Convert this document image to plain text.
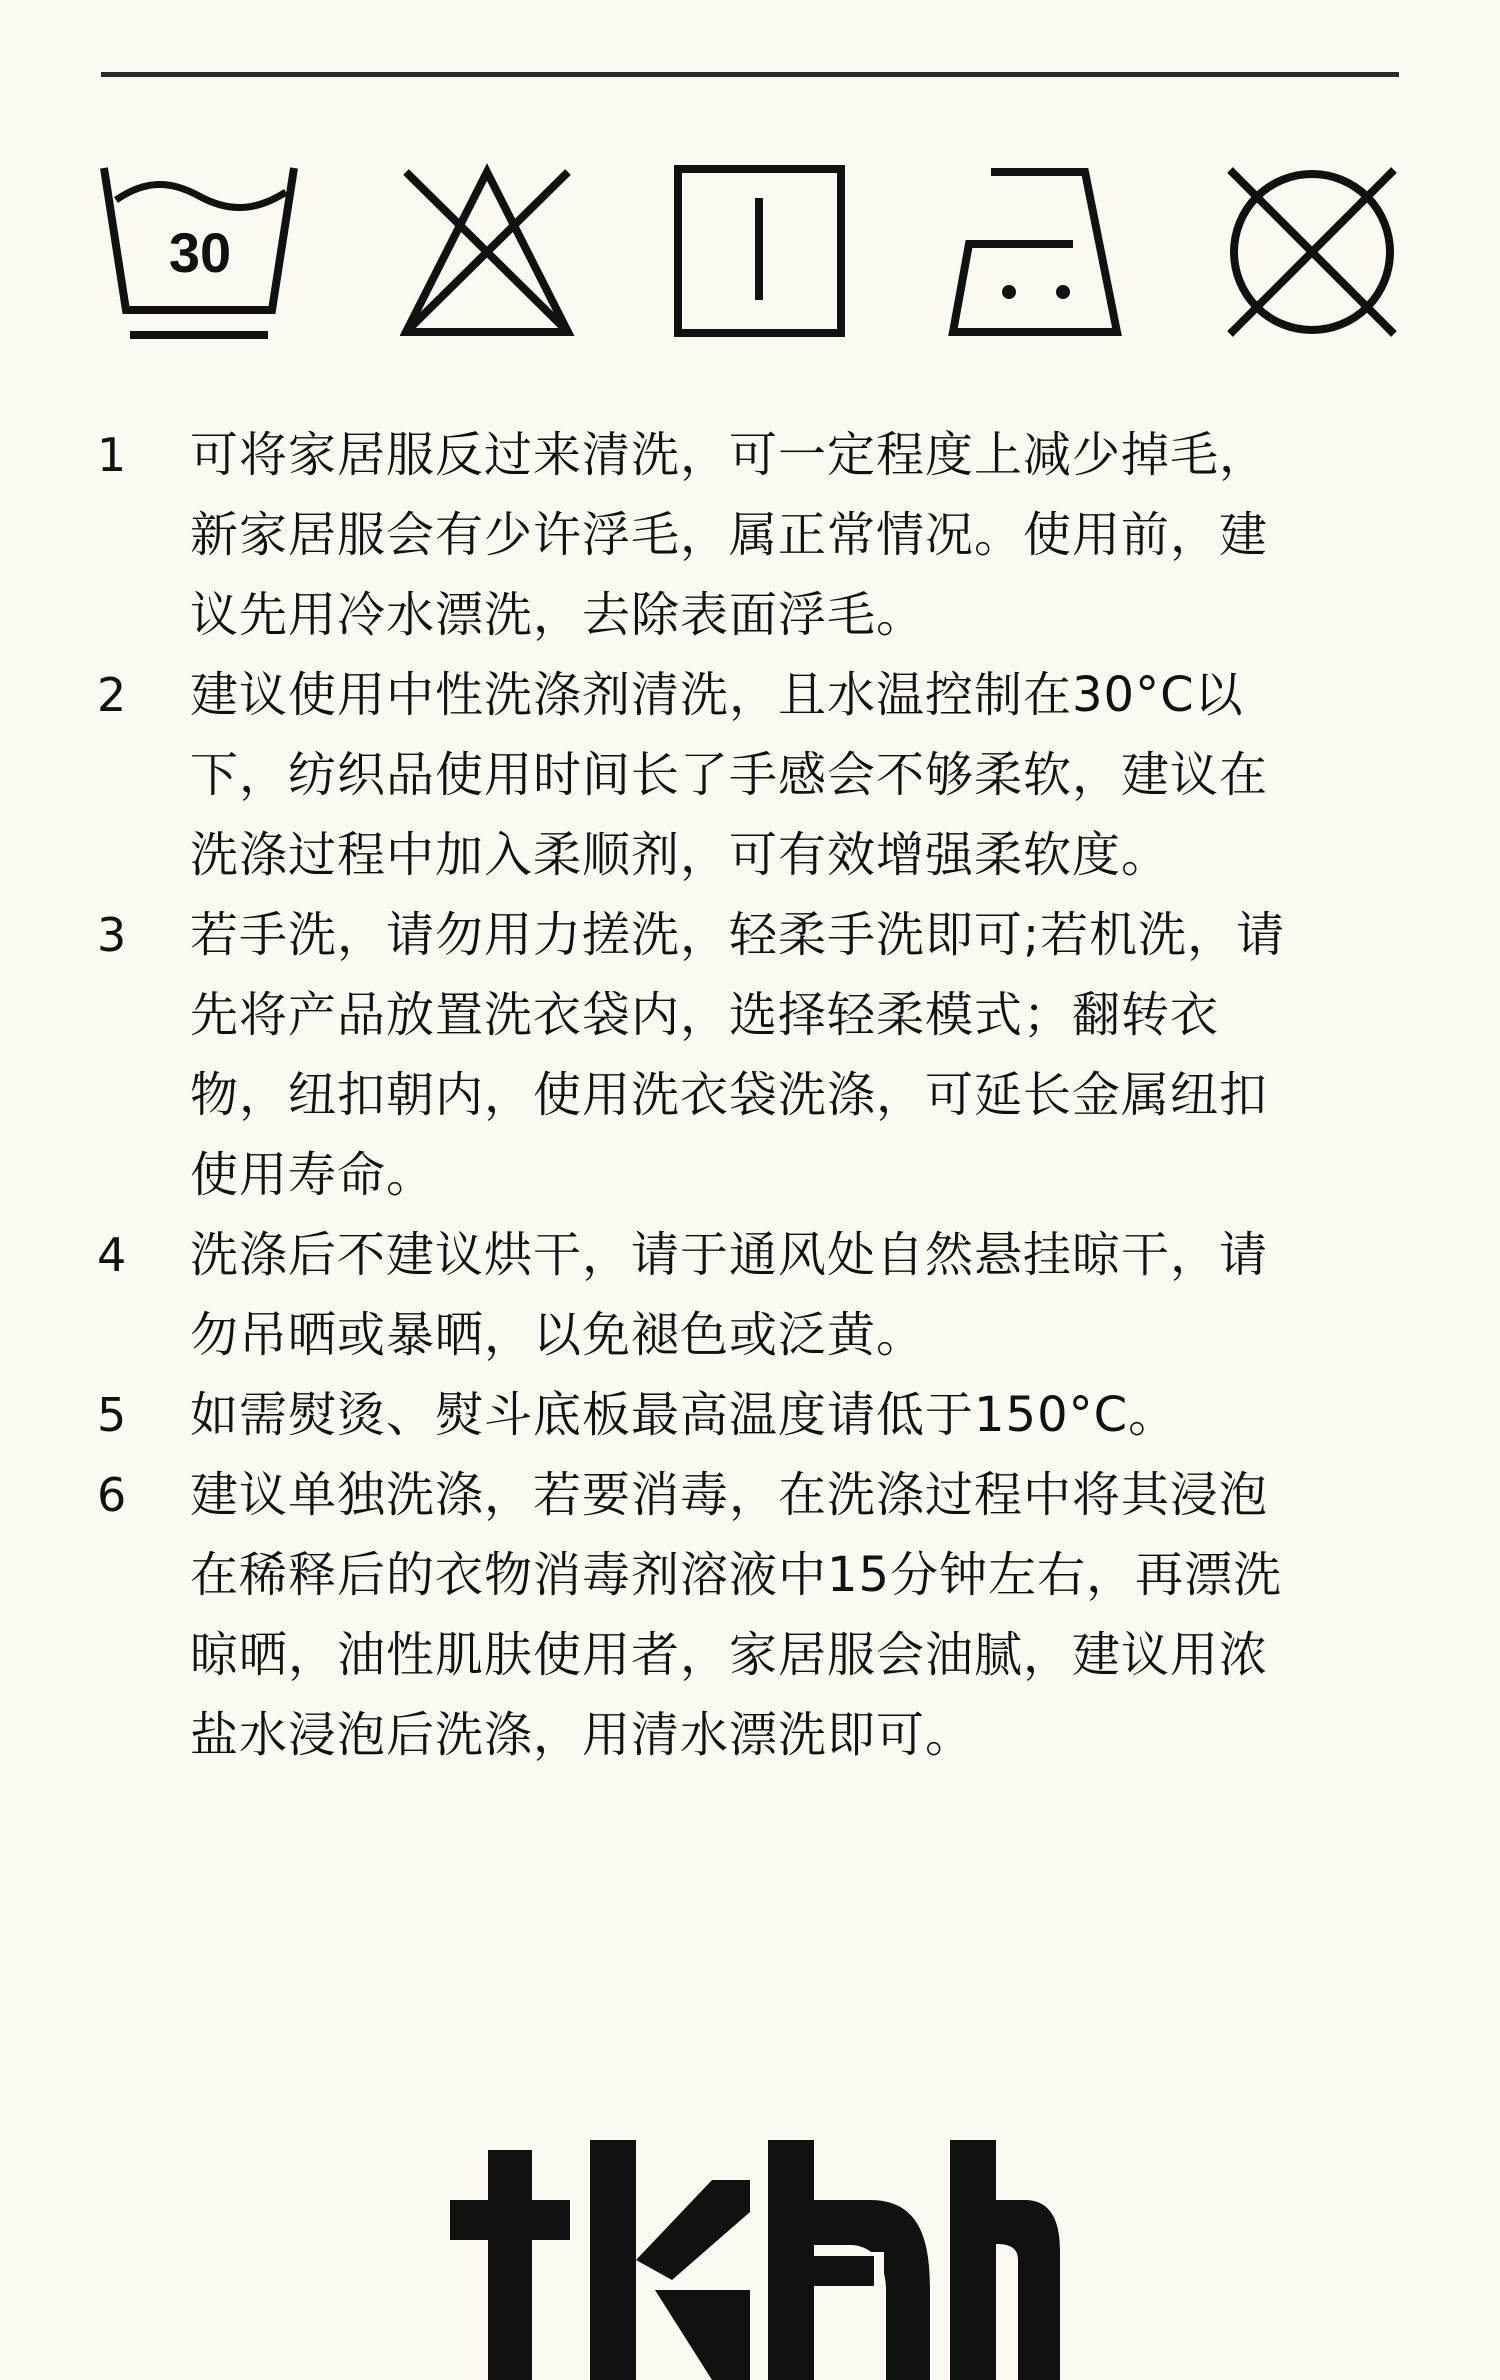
30
1	可将家居服反过来清洗，可一定程度上减少掉毛，
新家居服会有少许浮毛，属正常情况。使用前，建
议先用冷水漂洗，去除表面浮毛。
2	建议使用中性洗涤剂清洗，且水温控制在30°C以
下，纺织品使用时间长了手感会不够柔软，建议在
洗涤过程中加入柔顺剂，可有效增强柔软度。
3	若手洗，请勿用力搓洗，轻柔手洗即可;若机洗，请
先将产品放置洗衣袋内，选择轻柔模式；翻转衣
物，纽扣朝内，使用洗衣袋洗涤，可延长金属纽扣
使用寿命。
4	洗涤后不建议烘干，请于通风处自然悬挂晾干，请
勿吊晒或暴晒，以免褪色或泛黄。
5	如需熨烫、熨斗底板最高温度请低于150°C。
6	建议单独洗涤，若要消毒，在洗涤过程中将其浸泡
在稀释后的衣物消毒剂溶液中15分钟左右，再漂洗
晾晒，油性肌肤使用者，家居服会油腻，建议用浓
盐水浸泡后洗涤，用清水漂洗即可。
